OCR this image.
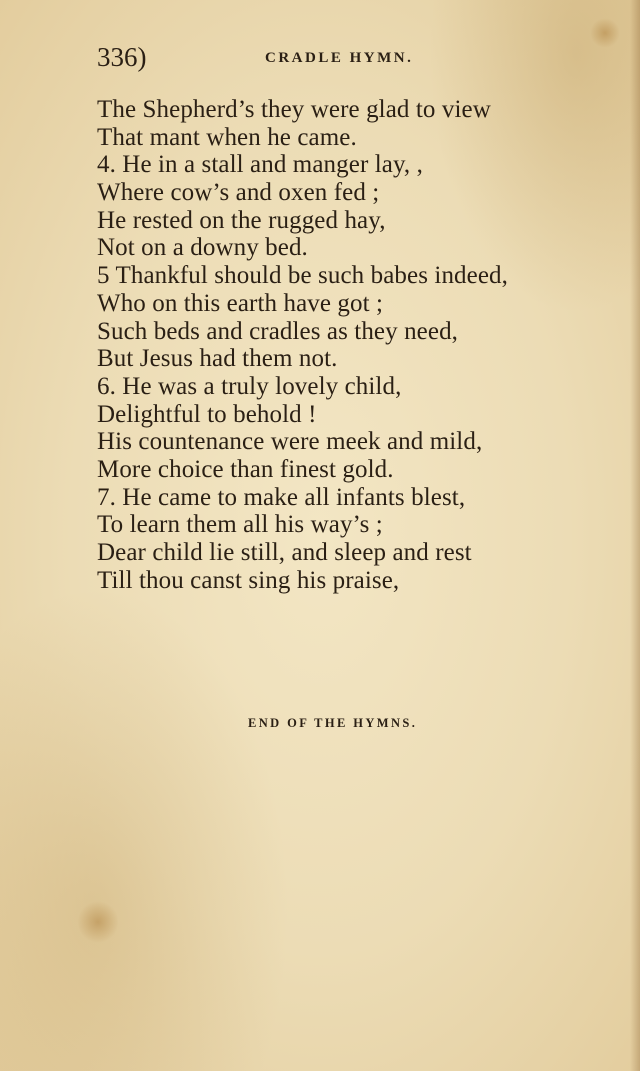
336)	CRADLE HYMN.
The Shepherd’s they were glad to view
That mant when he came.
4. He in a stall and manger lay, ,
Where cow’s and oxen fed ;
He rested on the rugged hay,
Not on a downy bed.
5 Thankful should be such babes indeed,
Who on this earth have got ;
Such beds and cradles as they need,
But Jesus had them not.
6. He was a truly lovely child,
Delightful to behold !
His countenance were meek and mild,
More choice than finest gold.
7. He came to make all infants blest,
To learn them all his way’s ;
Dear child lie still, and sleep and rest
Till thou canst sing his praise,
END OF THE HYMNS.
